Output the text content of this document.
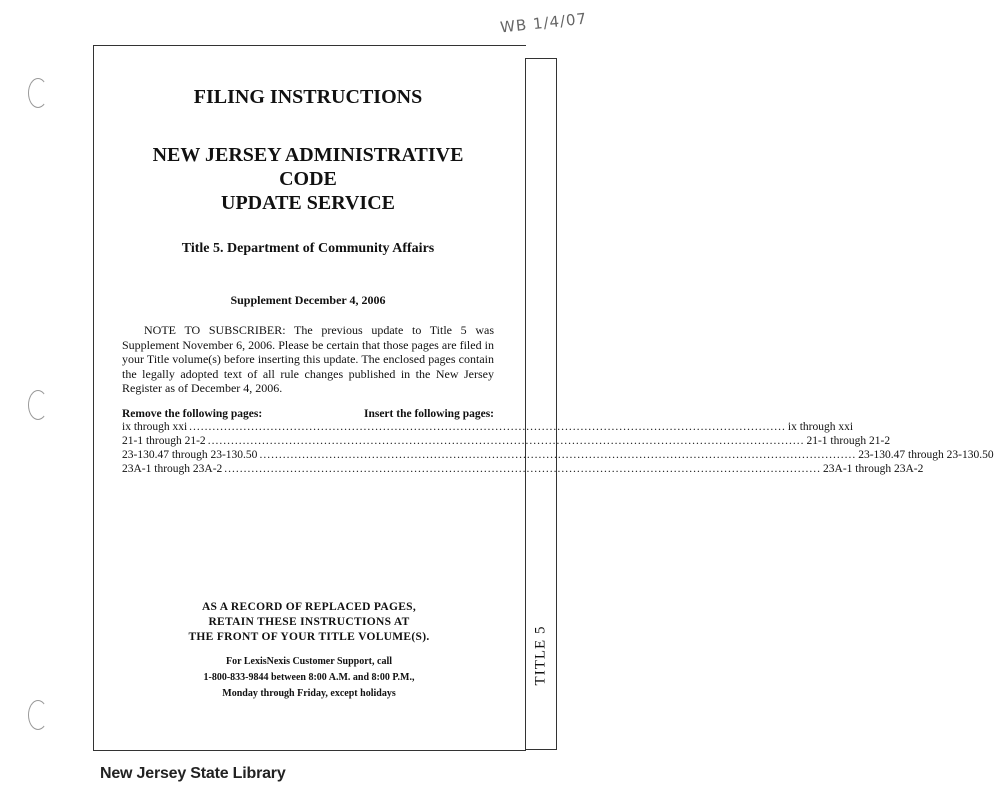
WB 1/4/07
TITLE 5
FILING INSTRUCTIONS
NEW JERSEY ADMINISTRATIVE CODE
UPDATE SERVICE
Title 5. Department of Community Affairs
Supplement December 4, 2006
NOTE TO SUBSCRIBER: The previous update to Title 5 was Supplement November 6, 2006. Please be certain that those pages are filed in your Title volume(s) before inserting this update. The enclosed pages contain the legally adopted text of all rule changes published in the New Jersey Register as of December 4, 2006.
Remove the following pages:	Insert the following pages:
ix through xxi .......................................................................................................................................................... ix through xxi
21-1 through 21-2 .......................................................................................................................................................... 21-1 through 21-2
23-130.47 through 23-130.50 .......................................................................................................................................................... 23-130.47 through 23-130.50
23A-1 through 23A-2 .......................................................................................................................................................... 23A-1 through 23A-2
AS A RECORD OF REPLACED PAGES,
RETAIN THESE INSTRUCTIONS AT
THE FRONT OF YOUR TITLE VOLUME(S).
For LexisNexis Customer Support, call
1-800-833-9844 between 8:00 A.M. and 8:00 P.M.,
Monday through Friday, except holidays
New Jersey State Library
